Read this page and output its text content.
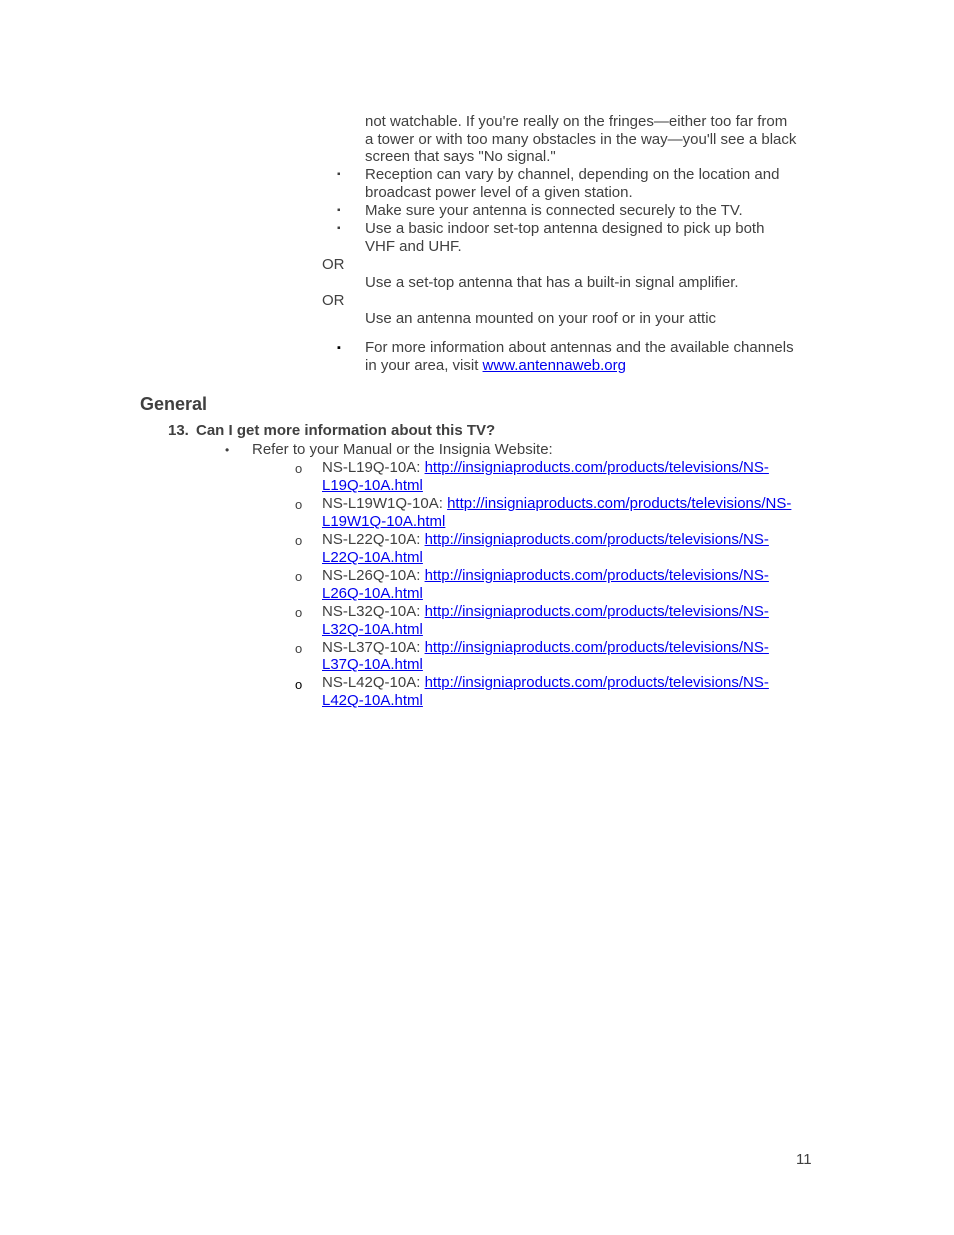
not watchable. If you're really on the fringes—either too far from
a tower or with too many obstacles in the way—you'll see a black
screen that says "No signal."
▪ Reception can vary by channel, depending on the location and
broadcast power level of a given station.
▪ Make sure your antenna is connected securely to the TV.
▪ Use a basic indoor set-top antenna designed to pick up both
VHF and UHF.
OR
Use a set-top antenna that has a built-in signal amplifier.
OR
Use an antenna mounted on your roof or in your attic
▪ For more information about antennas and the available channels
in your area, visit www.antennaweb.org
General
13. Can I get more information about this TV?
• Refer to your Manual or the Insignia Website:
o NS-L19Q-10A: http://insigniaproducts.com/products/televisions/NS-
L19Q-10A.html
o NS-L19W1Q-10A: http://insigniaproducts.com/products/televisions/NS-
L19W1Q-10A.html
o NS-L22Q-10A: http://insigniaproducts.com/products/televisions/NS-
L22Q-10A.html
o NS-L26Q-10A: http://insigniaproducts.com/products/televisions/NS-
L26Q-10A.html
o NS-L32Q-10A: http://insigniaproducts.com/products/televisions/NS-
L32Q-10A.html
o NS-L37Q-10A: http://insigniaproducts.com/products/televisions/NS-
L37Q-10A.html
o NS-L42Q-10A: http://insigniaproducts.com/products/televisions/NS-
L42Q-10A.html
11
